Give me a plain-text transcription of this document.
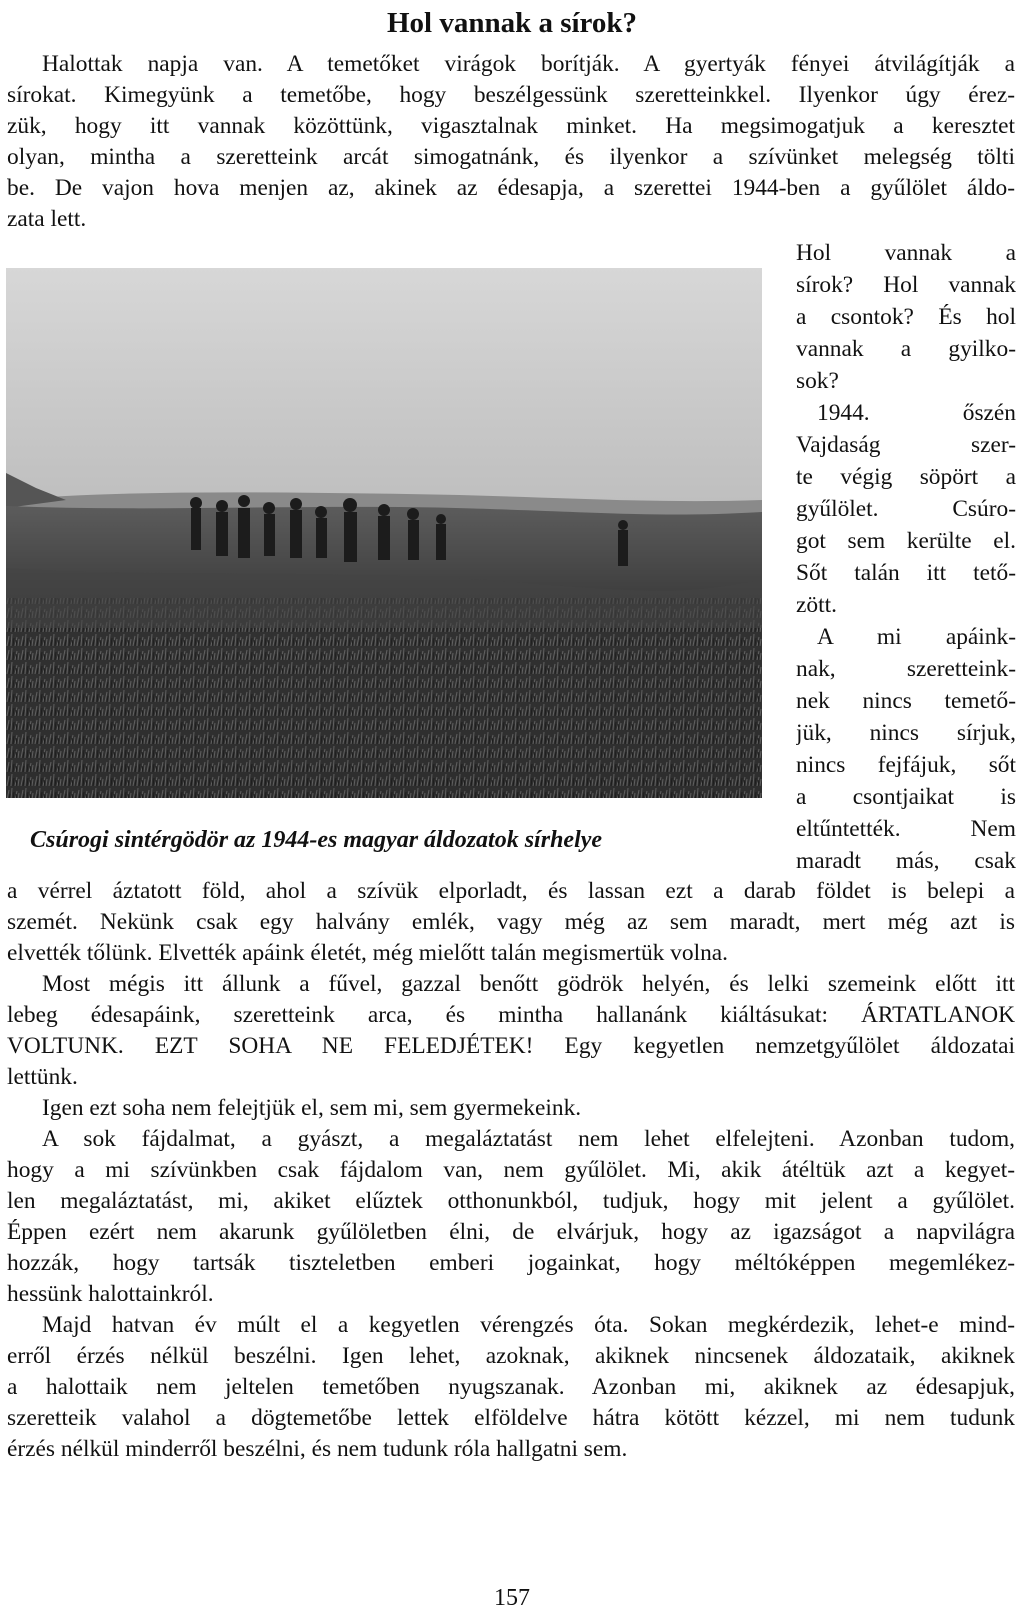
Hol vannak a sírok?

Halottak napja van. A temetőket virágok borítják. A gyertyák fényei átvilágítják a

sírokat. Kimegyünk a temetőbe, hogy beszélgessünk szeretteinkkel. Ilyenkor úgy érez-

zük, hogy itt vannak közöttünk, vigasztalnak minket. Ha megsimogatjuk a keresztet

olyan, mintha a szeretteink arcát simogatnánk, és ilyenkor a szívünket melegség tölti

be. De vajon hova menjen az, akinek az édesapja, a szerettei 1944-ben a gyűlölet áldo-

zata lett.

Hol vannak a

sírok? Hol vannak

a csontok? És hol

vannak a gyilko-

sok?

1944. őszén

Vajdaság szer-

te végig söpört a

gyűlölet. Csúro-

got sem kerülte el.

Sőt talán itt tető-

zött.

A mi apáink-

nak, szeretteink-

nek nincs temető-

jük, nincs sírjuk,

nincs fejfájuk, sőt

a csontjaikat is

eltűntették. Nem

maradt más, csak

Csúrogi sintérgödör az 1944-es magyar áldozatok sírhelye

a vérrel áztatott föld, ahol a szívük elporladt, és lassan ezt a darab földet is belepi a

szemét. Nekünk csak egy halvány emlék, vagy még az sem maradt, mert még azt is

elvették tőlünk. Elvették apáink életét, még mielőtt talán megismertük volna.

Most mégis itt állunk a fűvel, gazzal benőtt gödrök helyén, és lelki szemeink előtt itt

lebeg édesapáink, szeretteink arca, és mintha hallanánk kiáltásukat: ÁRTATLANOK

VOLTUNK. EZT SOHA NE FELEDJÉTEK! Egy kegyetlen nemzetgyűlölet áldozatai

lettünk.

Igen ezt soha nem felejtjük el, sem mi, sem gyermekeink.

A sok fájdalmat, a gyászt, a megaláztatást nem lehet elfelejteni. Azonban tudom,

hogy a mi szívünkben csak fájdalom van, nem gyűlölet. Mi, akik átéltük azt a kegyet-

len megaláztatást, mi, akiket elűztek otthonunkból, tudjuk, hogy mit jelent a gyűlölet.

Éppen ezért nem akarunk gyűlöletben élni, de elvárjuk, hogy az igazságot a napvilágra

hozzák, hogy tartsák tiszteletben emberi jogainkat, hogy méltóképpen megemlékez-

hessünk halottainkról.

Majd hatvan év múlt el a kegyetlen vérengzés óta. Sokan megkérdezik, lehet-e mind-

erről érzés nélkül beszélni. Igen lehet, azoknak, akiknek nincsenek áldozataik, akiknek

a halottaik nem jeltelen temetőben nyugszanak. Azonban mi, akiknek az édesapjuk,

szeretteik valahol a dögtemetőbe lettek elföldelve hátra kötött kézzel, mi nem tudunk

érzés nélkül minderről beszélni, és nem tudunk róla hallgatni sem.

157
